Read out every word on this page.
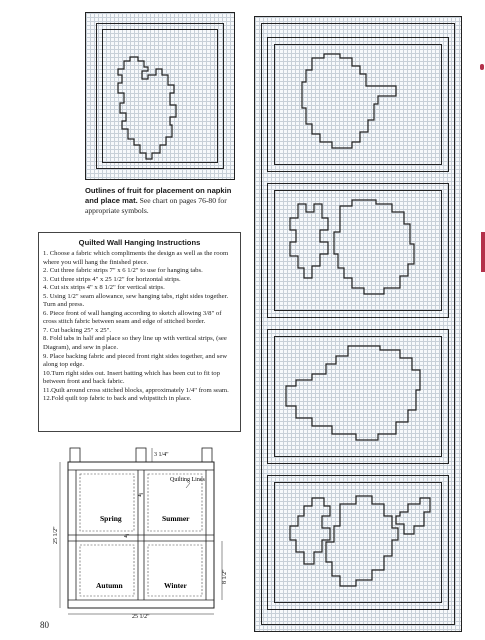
Outlines of fruit for placement on napkin and place mat. See chart on pages 76-80 for appropriate symbols.
Quilted Wall Hanging Instructions
1. Choose a fabric which compliments the design as well as the room where you will hang the finished piece.
2. Cut three fabric strips 7" x 6 1/2" to use for hanging tabs.
3. Cut three strips 4" x 25 1/2" for horizontal strips.
4. Cut six strips 4" x 8 1/2" for vertical strips.
5. Using 1/2" seam allowance, sew hanging tabs, right sides together. Turn and press.
6. Piece front of wall hanging according to sketch allowing 3/8" of cross stitch fabric between seam and edge of stitched border.
7. Cut backing 25" x 25".
8. Fold tabs in half and place so they line up with vertical strips, (see Diagram), and sew in place.
9. Place backing fabric and pieced front right sides together, and sew along top edge.
10.Turn right sides out. Insert batting which has been cut to fit top between front and back fabric.
11.Quilt around cross stitched blocks, approximately 1/4" from seam.
12.Fold quilt top fabric to back and whipstitch in place.
3 1/4"
Quilting Lines
4"
4"
Spring	Summer
Autumn	Winter
25 1/2"
8 1/2"
25 1/2"
80
